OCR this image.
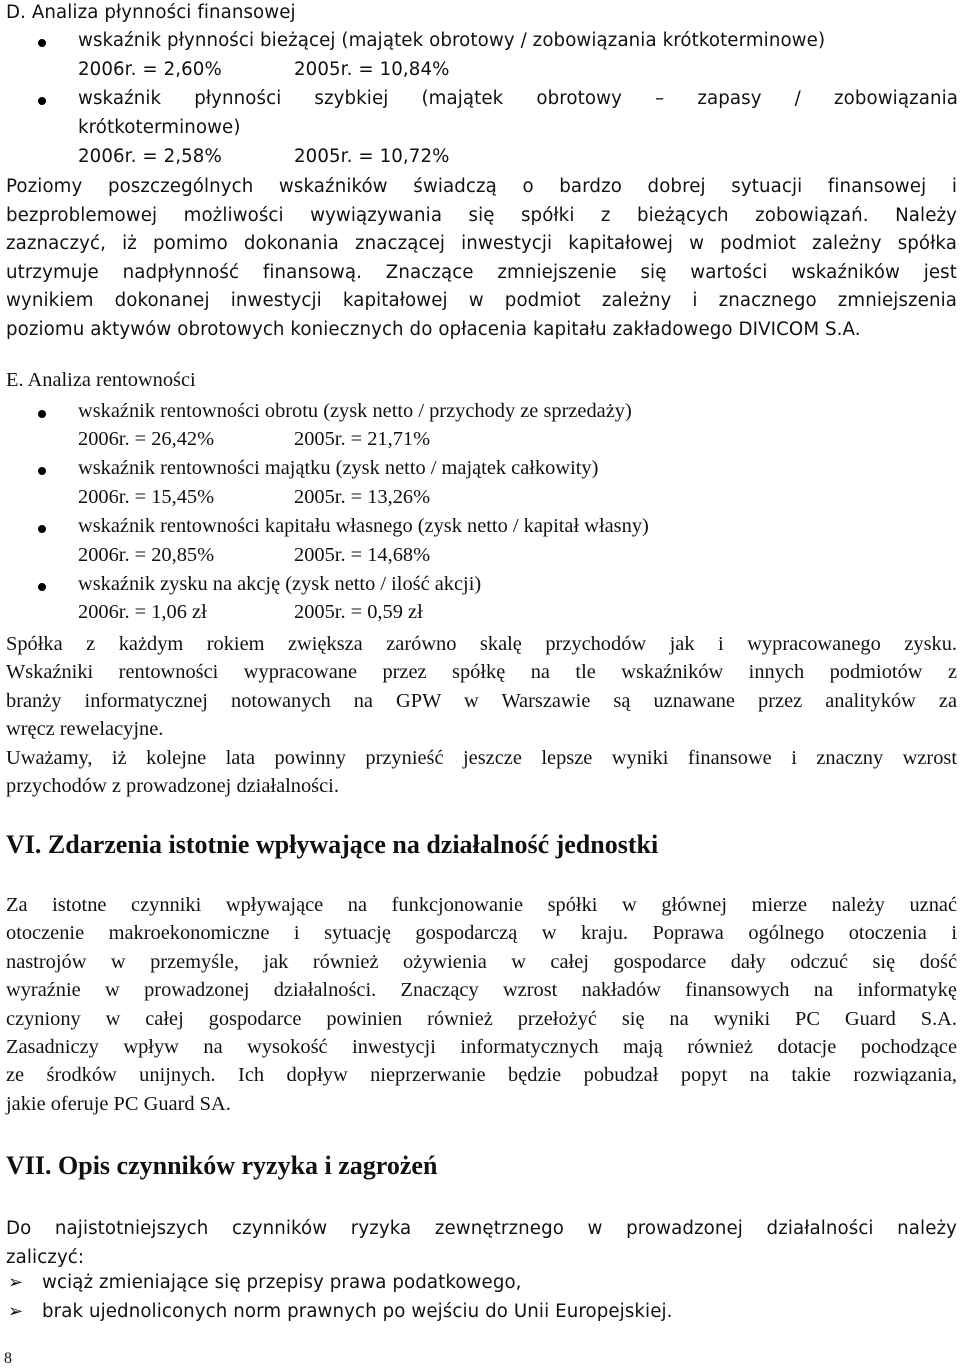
D. Analiza płynności finansowej
wskaźnik płynności bieżącej (majątek obrotowy / zobowiązania krótkoterminowe)
2006r. = 2,60%	2005r. = 10,84%
wskaźnik płynności szybkiej (majątek obrotowy – zapasy / zobowiązania
krótkoterminowe)
2006r. = 2,58%	2005r. = 10,72%
Poziomy poszczególnych wskaźników świadczą o bardzo dobrej sytuacji finansowej i
bezproblemowej możliwości wywiązywania się spółki z bieżących zobowiązań. Należy
zaznaczyć, iż pomimo dokonania znaczącej inwestycji kapitałowej w podmiot zależny spółka
utrzymuje nadpłynność finansową. Znaczące zmniejszenie się wartości wskaźników jest
wynikiem dokonanej inwestycji kapitałowej w podmiot zależny i znacznego zmniejszenia
poziomu aktywów obrotowych koniecznych do opłacenia kapitału zakładowego DIVICOM S.A.
E. Analiza rentowności
wskaźnik rentowności obrotu (zysk netto / przychody ze sprzedaży)
2006r. = 26,42%	2005r. = 21,71%
wskaźnik rentowności majątku (zysk netto / majątek całkowity)
2006r. = 15,45%	2005r. = 13,26%
wskaźnik rentowności kapitału własnego (zysk netto / kapitał własny)
2006r. = 20,85%	2005r. = 14,68%
wskaźnik zysku na akcję (zysk netto / ilość akcji)
2006r. = 1,06 zł	2005r. = 0,59 zł
Spółka z każdym rokiem zwiększa zarówno skalę przychodów jak i wypracowanego zysku.
Wskaźniki rentowności wypracowane przez spółkę na tle wskaźników innych podmiotów z
branży informatycznej notowanych na GPW w Warszawie są uznawane przez analityków za
wręcz rewelacyjne.
Uważamy, iż kolejne lata powinny przynieść jeszcze lepsze wyniki finansowe i znaczny wzrost
przychodów z prowadzonej działalności.
VI. Zdarzenia istotnie wpływające na działalność jednostki
Za istotne czynniki wpływające na funkcjonowanie spółki w głównej mierze należy uznać
otoczenie makroekonomiczne i sytuację gospodarczą w kraju. Poprawa ogólnego otoczenia i
nastrojów w przemyśle, jak również ożywienia w całej gospodarce dały odczuć się dość
wyraźnie w prowadzonej działalności. Znaczący wzrost nakładów finansowych na informatykę
czyniony w całej gospodarce powinien również przełożyć się na wyniki PC Guard S.A.
Zasadniczy wpływ na wysokość inwestycji informatycznych mają również dotacje pochodzące
ze środków unijnych. Ich dopływ nieprzerwanie będzie pobudzał popyt na takie rozwiązania,
jakie oferuje PC Guard SA.
VII. Opis czynników ryzyka i zagrożeń
Do najistotniejszych czynników ryzyka zewnętrznego w prowadzonej działalności należy
zaliczyć:
➢ wciąż zmieniające się przepisy prawa podatkowego,
➢ brak ujednoliconych norm prawnych po wejściu do Unii Europejskiej.
8
